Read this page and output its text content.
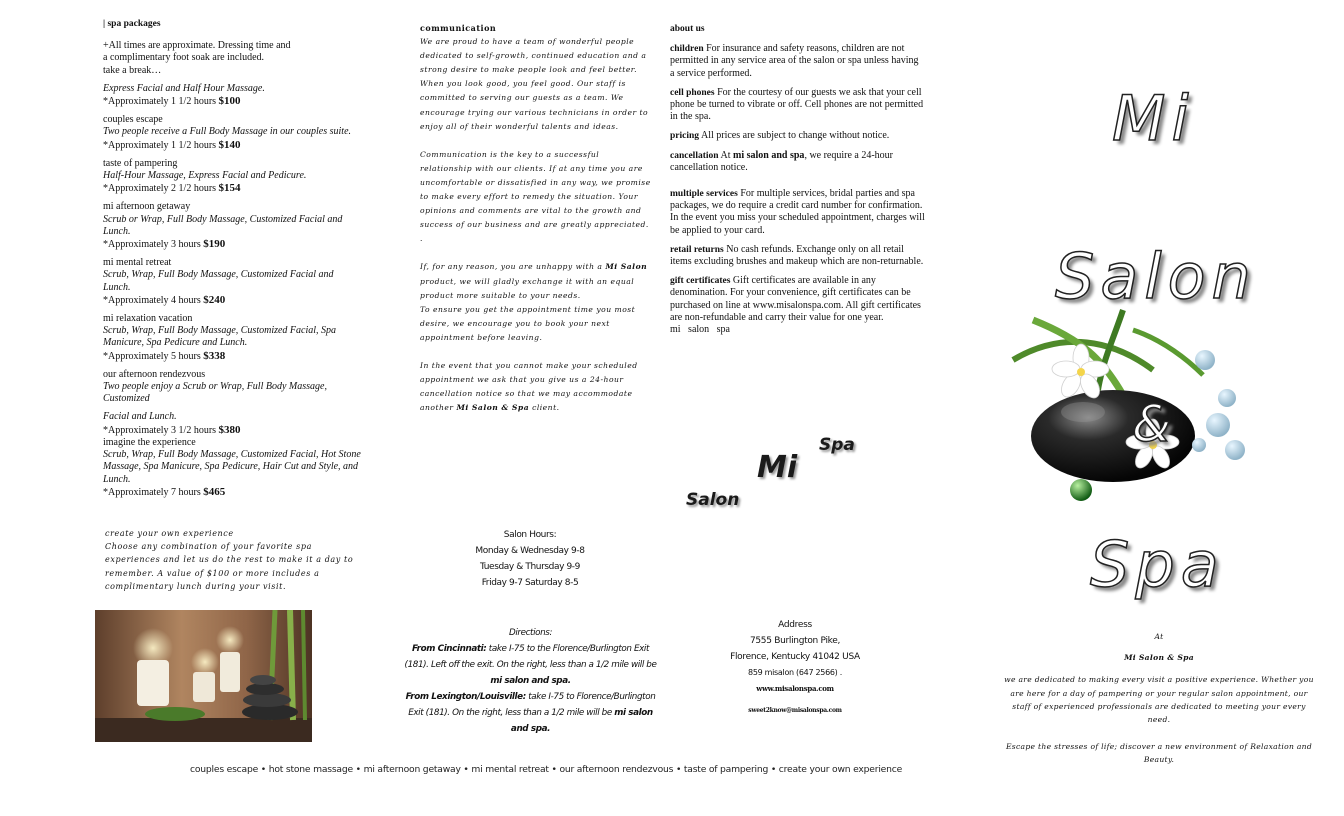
| spa packages
+All times are approximate. Dressing time and
a complimentary foot soak are included.
take a break…
Express Facial and Half Hour Massage.
*Approximately 1 1/2 hours $100
couples escape
Two people receive a Full Body Massage in our couples suite.
*Approximately 1 1/2 hours $140
taste of pampering
Half-Hour Massage, Express Facial and Pedicure.
*Approximately 2 1/2 hours $154
mi afternoon getaway
Scrub or Wrap, Full Body Massage, Customized Facial and Lunch.
*Approximately 3 hours $190
mi mental retreat
Scrub, Wrap, Full Body Massage, Customized Facial and Lunch.
*Approximately 4 hours $240
mi relaxation vacation
Scrub, Wrap, Full Body Massage, Customized Facial, Spa Manicure, Spa Pedicure and Lunch.
*Approximately 5 hours $338
our afternoon rendezvous
Two people enjoy a Scrub or Wrap, Full Body Massage, Customized
Facial and Lunch.
*Approximately 3 1/2 hours $380
imagine the experience
Scrub, Wrap, Full Body Massage, Customized Facial, Hot Stone Massage, Spa Manicure, Spa Pedicure, Hair Cut and Style, and Lunch.
*Approximately 7 hours $465
create your own experience
Choose any combination of your favorite spa experiences and let us do the rest to make it a day to remember. A value of $100 or more includes a complimentary lunch during your visit.
communication

We are proud to have a team of wonderful people dedicated to self-growth, continued education and a strong desire to make people look and feel better. When you look good, you feel good. Our staff is committed to serving our guests as a team. We encourage trying our various technicians in order to enjoy all of their wonderful talents and ideas.

Communication is the key to a successful relationship with our clients. If at any time you are uncomfortable or dissatisfied in any way, we promise to make every effort to remedy the situation. Your opinions and comments are vital to the growth and success of our business and are greatly appreciated. .

If, for any reason, you are unhappy with a Mi Salon product, we will gladly exchange it with an equal product more suitable to your needs.
To ensure you get the appointment time you most desire, we encourage you to book your next appointment before leaving.

In the event that you cannot make your scheduled appointment we ask that you give us a 24-hour cancellation notice so that we may accommodate another Mi Salon & Spa client.

Mi
Spa
Salon
Salon Hours:
Monday & Wednesday 9-8
Tuesday & Thursday 9-9
Friday 9-7 Saturday 8-5
Directions:
From Cincinnati: take I-75 to the Florence/Burlington Exit (181). Left off the exit. On the right, less than a 1/2 mile will be mi salon and spa.
From Lexington/Louisville: take I-75 to Florence/Burlington Exit (181). On the right, less than a 1/2 mile will be mi salon and spa.

about us

children For insurance and safety reasons, children are not permitted in any service area of the salon or spa unless having a service performed.

cell phones For the courtesy of our guests we ask that your cell phone be turned to vibrate or off. Cell phones are not permitted in the spa.

pricing All prices are subject to change without notice.

cancellation At mi salon and spa, we require a 24-hour cancellation notice.

multiple services For multiple services, bridal parties and spa packages, we do require a credit card number for confirmation. In the event you miss your scheduled appointment, charges will be applied to your card.

retail returns No cash refunds. Exchange only on all retail items excluding brushes and makeup which are non-returnable.

gift certificates Gift certificates are available in any denomination. For your convenience, gift certificates can be purchased on line at www.misalonspa.com. All gift certificates are non-refundable and carry their value for one year.

mi   salon   spa

Address
7555 Burlington Pike,
Florence, Kentucky 41042 USA
859 misalon (647 2566) .
www.misalonspa.com
sweet2know@misalonspa.com
Mi
Salon
&
Spa
At
Mi Salon & Spa
we are dedicated to making every visit a positive experience. Whether you are here for a day of pampering or your regular salon appointment, our staff of experienced professionals are dedicated to meeting your every need.
Escape the stresses of life; discover a new environment of Relaxation and Beauty.
couples escape • hot stone massage • mi afternoon getaway • mi mental retreat • our afternoon rendezvous • taste of pampering • create your own experience
